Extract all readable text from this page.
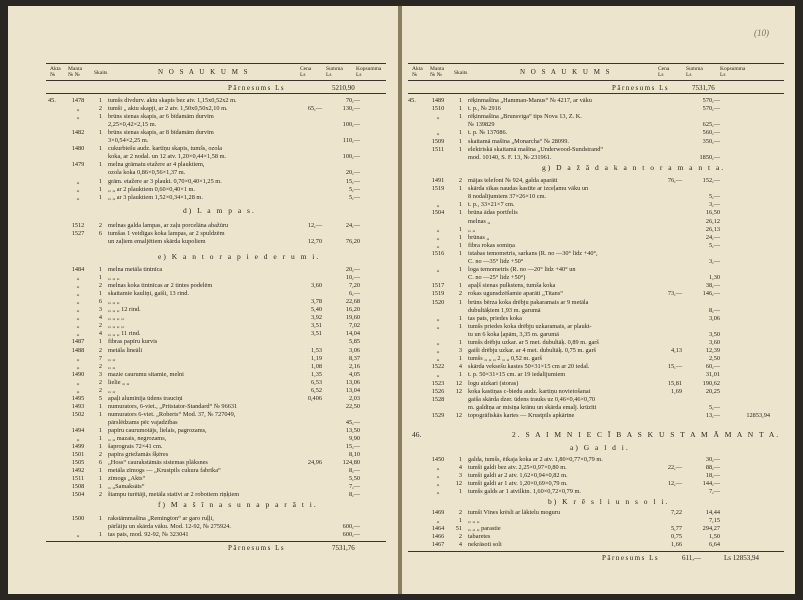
Akta
№
Manta
№ №	Skaits	N O S A U K U M S	Cena
Ls
Summa
Ls
Kopsumma
Ls
Pārnesums Ls	5210,90
45.	1478	1 tumšs divdurv. aktu skapis bez atv. 1,15x0,52x2 m.	70,—
„	2 tumši „ aktu skapji, ar 2 atv. 1,50x0,50x2,10 m.	65,—	130,—
„	1 brūns sienas skapis, ar 6 bīdamām durvīm
2,25×0,42×2,15 m.	100,—
1482	1 brūns sienas skapis, ar 8 bīdamām durvīm
3×0,54×2,25 m.	110,—
1480	1 cukurbiešu audz. kartīņu skapis, tumšs, ozola
koka, ar 2 nodal. un 12 atv. 1,20×0,44×1,58 m.	100,—
1479	1 melna grāmatu etažere ar 4 plauktiem,
ozola koka 0,86×0,56×1,37 m.	20,—
„	1 grām. etažere ar 3 plaukt. 0,70×0,40×1,25 m.	15,—
„	1 „ „ ar 2 plauktiem 0,60×0,40×1 m.	5,—
„	1 „ „ ar 3 plauktiem 1,52×0,34×1,28 m.	5,—
d) L a m p a s.
1512	2 melnas galda lampas, ar zaļu porcelāna abažūru	12,—	24,—
1527	6 tumšas 1 veidīgas koka lampas, ar 2 spuldzēm
un zaļiem emaljētiem skārda kupoliem	12,70	76,20
e) K a n t o r a p i e d e r u m i.
1484	1 melna metāla tintnīca	20,—
„	1 „ „ „	10,—
„	2 melnas koka tintnīcas ar 2 tintes podelēm	3,60	7,20
„	1 skaitamie kauliņi, gaiši, 13 rind.	6,—
„	6 „ „ „	3,78	22,68
„	3 „ „ „ 12 rind.	5,40	16,20
„	4 „ „ „ „	3,92	19,60
„	2 „ „ „ „	3,51	7,02
„	4 „ „ „ 11 rind.	3,51	14,04
1487	1 fibras papīru kurvis	5,85
1488	2 metāla lineāli	1,53	3,06
„	7 „ „	1,19	8,37
„	2 „ „	1,08	2,16
1490	3 mazie caurumu sitamie, melni	1,35	4,05
„	2 lielie „ „	6,53	13,06
„	2 „ „	6,52	13,04
1495	5 apaļi alumīnija ūdens trauciņi	0,406	2,03
1493	1 numurators, 6-viet., „Pritstator-Standard“ № 96631	22,50
1502	1 numurators 6-viet. „Roberts“ Mod. 37, № 727049,
pārslēdzams pēc vajadzības	45,—
1494	1 papīru caurumotājs, lielais, pagrozams,	13,50
„	1 „ „ mazais, negrozams,	9,90
1499	1 šaprograis 72×41 cm.	15,—
1501	2 papīra griežamās šķēres	8,10
1505	6 „Hoss“ caurakstāmās sistemas plāksnes	24,96	124,80
1492	1 metāla zīmogs — „Krustpils cukura fabrika“	8,—
1511	1 zīmogs „Akts“	5,50
1508	1 „ „Samaksāts“	7,—
1504	2 štampu turētāji, metāla statīvi ar 2 robotiem riņķiem	8,—
f) M a š ī n a s u n a p a r ā t i.
1500	1 rakstāmmašīna „Remington“ ar garo ruļļi,
pārlāiju un skārda vāku. Mod. 12-92, № 275924.	600,—
„	1 tas pats, mod. 92-92, № 323041	600,—
Pārnesums Ls	7531,76
(10)
Akta
№
Manta
№ №	Skaits	N O S A U K U M S	Cena
Ls
Summa
Ls
Kopsumma
Ls
Pārnesums Ls	7531,76
45.	1489	1 rēķinmašīna „Hamman-Manus“ № 4217, ar vāku	570,—
1510	1 t. p., № 2916	570,—
„	1 rēķinmašīna „Brunsviga“ tips Nova 13, Z. K.
№ 139829	625,—
„	1 t. p. № 137086.	560,—
1509	1 skaitamā mašīna „Monarcha“ № 28099.	350,—
1511	1 elektriskā skaitamā mašīna „Underwood-Sundstrand“
mod. 10140, S. F. 13, № 231961.	1850,—
g) D a ž ā d a k a n t o r a m a n t a.
1491	2 mājas telefoni № 924, galda aparāti	76,—	152,—
1519	1 skārda sīkas naudas kastīte ar izceļamu vāku un
8 nodalījumiem 37×26×10 cm.	5,—
„	1 t. p., 33×21×7 cm.	3,—
1504	1 brūna ādas portfelis	16,50
melnas „	26,12
„	1 „ „	26,13
„	1 brūnas „	24,—
„	1 fibra rokas somiņa	5,—
1516	1 istabas temometris, sarkans (R. no —30° līdz +40°,
C. no —35° līdz +50°	3,—
„	1 loga temometris (R. no —20° līdz +40° un
C. no —25° līdz +50°)	1,30
1517	1 apaļš sienas pulkstens, tumša koka	38,—
1519	2 rokas ugunsdzēšamie aparāti „Titans“	73,—	146,—
1520	1 brūns bērza koka drēbju pakaramais ar 9 metāla
dubultāķiem 1,93 m. garumā	8,—
„	1 tas pats, priedes koka	3,06
„	1 tumšs priedes koka drēbju uzkaramais, ar plaukt-
tu un 6 koka ļapām, 3,35 m. garumā	3,50
„	1 tumšs drēbju uzkar. ar 5 met. dubultāķ. 0,89 m. garš	3,60
„	3 gaiši drēbju uzkar. ar 4 met. dubultāķ. 0,75 m. garš	4,13	12,39
„	1 tumšs „ „ „ 2 „ „ 0,52 m. garš	2,50
1522	4 skārda veksešu kastes 50×31×15 cm ar 20 iedal.	15,—	60,—
„	1 t. p. 50×31×15 cm. ar 19 iedalījumiem	31,01
1523	12 logu aizkari (storas)	15,81	190,62
1526	12 koka kastiņas c-biedu audz. kartiņu novietošanai	1,69	20,25
1528	gaiša skārda dzer. ūdens trauks uz 0,46×0,46×0,70
m. galdiņa ar misiņa krānu un skārda emalj. krūzīti	5,—
1529	12 topogrāfiskās kartes — Krustpils apkārtne	13,—	12853,94
46.	2. S A I M N I E C Ī B A S K U S T A M Ā M A N T A.
a) G a l d i.
1450	1 galda, tumšs, ēikaja koka ar 2 atv. 1,80×0,77×0,79 m.	30,—
„	4 tumši galdi bez atv. 2,25×0,97×0,80 m.	22,—	88,—
„	3 tumši galdi ar 2 atv. 1,62×0,94×0,82 m.	18,—
„	12 tumši galdi ar 1 atv. 1,20×0,69×0,79 m.	12,—	144,—
„	1 tumšs galds ar 1 atvilktn. 1,60×0,72×0,79 m.	7,—
b) K r ē s l i u n s o l i.
1469	2 tumši Vīnes krēsli ar lāktelu moguru	7,22	14,44
„	1 „ „ „	7,15
1464	51 „ „ „ parastie	5,77	294,27
1466	2 tabaretes	0,75	1,50
1467	4 nekrāsoti soli	1,66	6,64
Pārnesums Ls	611,—	Ls 12853,94
